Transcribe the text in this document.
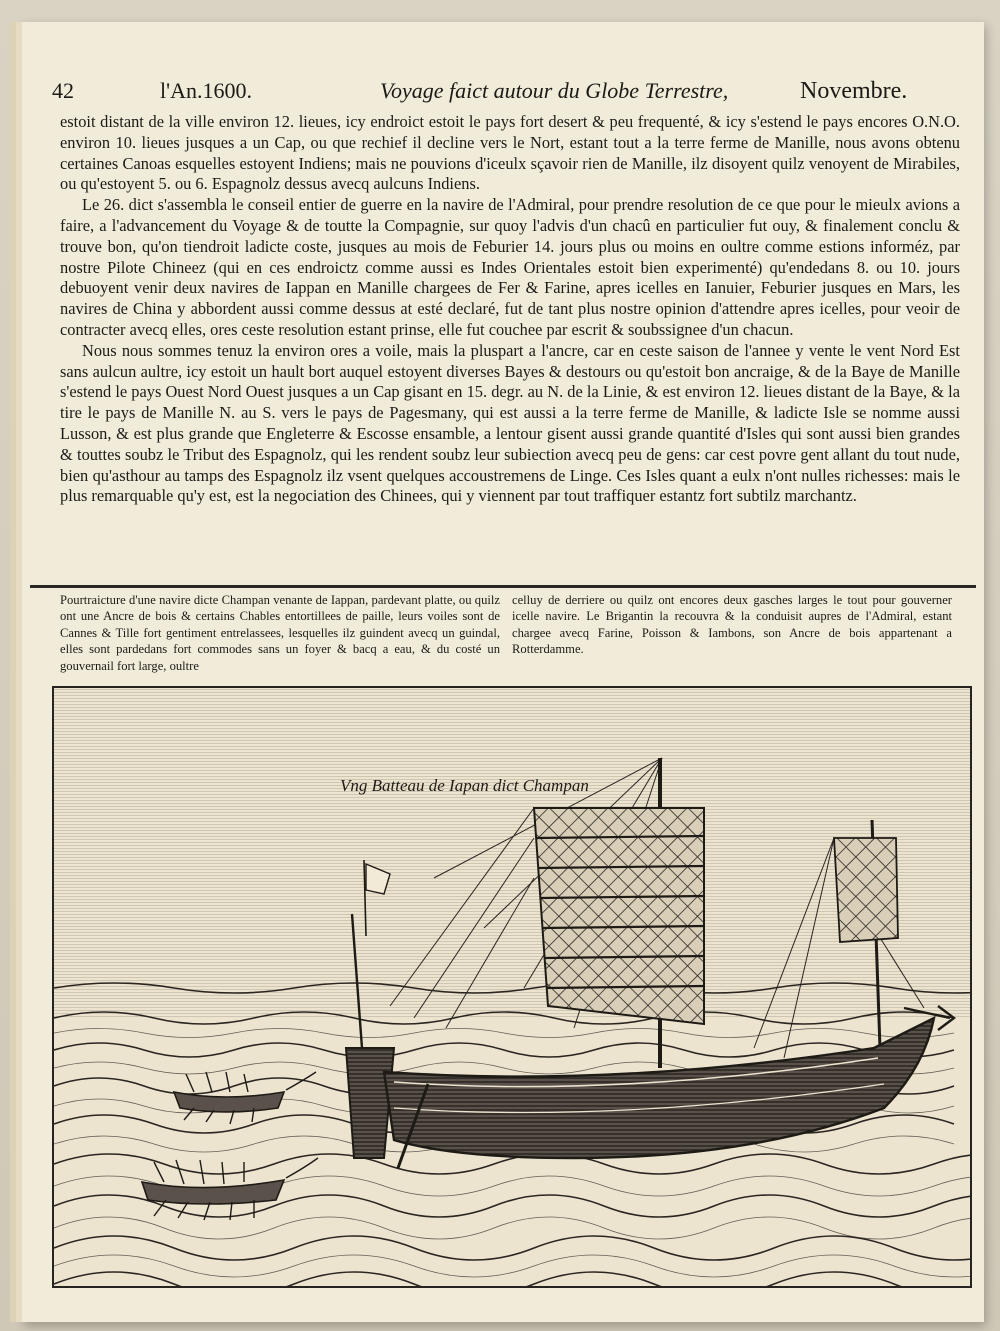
42	l'An.1600.	Voyage faict autour du Globe Terrestre,	Novembre.

estoit distant de la ville environ 12. lieues, icy endroict estoit le pays fort desert & peu frequenté, & icy s'estend le pays encores O.N.O. environ 10. lieues jusques a un Cap, ou que rechief il decline vers le Nort, estant tout a la terre ferme de Manille, nous avons obtenu certaines Canoas esquelles estoyent Indiens; mais ne pouvions d'iceulx sçavoir rien de Manille, ilz disoyent quilz venoyent de Mirabiles, ou qu'estoyent 5. ou 6. Espagnolz dessus avecq aulcuns Indiens.

Le 26. dict s'assembla le conseil entier de guerre en la navire de l'Admiral, pour prendre resolution de ce que pour le mieulx avions a faire, a l'advancement du Voyage & de toutte la Compagnie, sur quoy l'advis d'un chacû en particulier fut ouy, & finalement conclu & trouve bon, qu'on tiendroit ladicte coste, jusques au mois de Feburier 14. jours plus ou moins en oultre comme estions informéz, par nostre Pilote Chineez (qui en ces endroictz comme aussi es Indes Orientales estoit bien experimenté) qu'endedans 8. ou 10. jours debuoyent venir deux navires de Iappan en Manille chargees de Fer & Farine, apres icelles en Ianuier, Feburier jusques en Mars, les navires de China y abbordent aussi comme dessus at esté declaré, fut de tant plus nostre opinion d'attendre apres icelles, pour veoir de contracter avecq elles, ores ceste resolution estant prinse, elle fut couchee par escrit & soubssignee d'un chacun.

Nous nous sommes tenuz la environ ores a voile, mais la pluspart a l'ancre, car en ceste saison de l'annee y vente le vent Nord Est sans aulcun aultre, icy estoit un hault bort auquel estoyent diverses Bayes & destours ou qu'estoit bon ancraige, & de la Baye de Manille s'estend le pays Ouest Nord Ouest jusques a un Cap gisant en 15. degr. au N. de la Linie, & est environ 12. lieues distant de la Baye, & la tire le pays de Manille N. au S. vers le pays de Pagesmany, qui est aussi a la terre ferme de Manille, & ladicte Isle se nomme aussi Lusson, & est plus grande que Engleterre & Escosse ensamble, a lentour gisent aussi grande quantité d'Isles qui sont aussi bien grandes & touttes soubz le Tribut des Espagnolz, qui les rendent soubz leur subiection avecq peu de gens: car cest povre gent allant du tout nude, bien qu'asthour au tamps des Espagnolz ilz vsent quelques accoustremens de Linge. Ces Isles quant a eulx n'ont nulles richesses: mais le plus remarquable qu'y est, est la negociation des Chinees, qui y viennent par tout traffiquer estantz fort subtilz marchantz.

Pourtraicture d'une navire dicte Champan venante de Iappan, pardevant platte, ou quilz ont une Ancre de bois & certains Chables entortillees de paille, leurs voiles sont de Cannes & Tille fort gentiment entrelassees, lesquelles ilz guindent avecq un guindal, elles sont pardedans fort commodes sans un foyer & bacq a eau, & du costé un gouvernail fort large, oultre
celluy de derriere ou quilz ont encores deux gasches larges le tout pour gouverner icelle navire. Le Brigantin la recouvra & la conduisit aupres de l'Admiral, estant chargee avecq Farine, Poisson & Iambons, son Ancre de bois appartenant a Rotterdamme.
Vng Batteau de Iapan dict Champan
